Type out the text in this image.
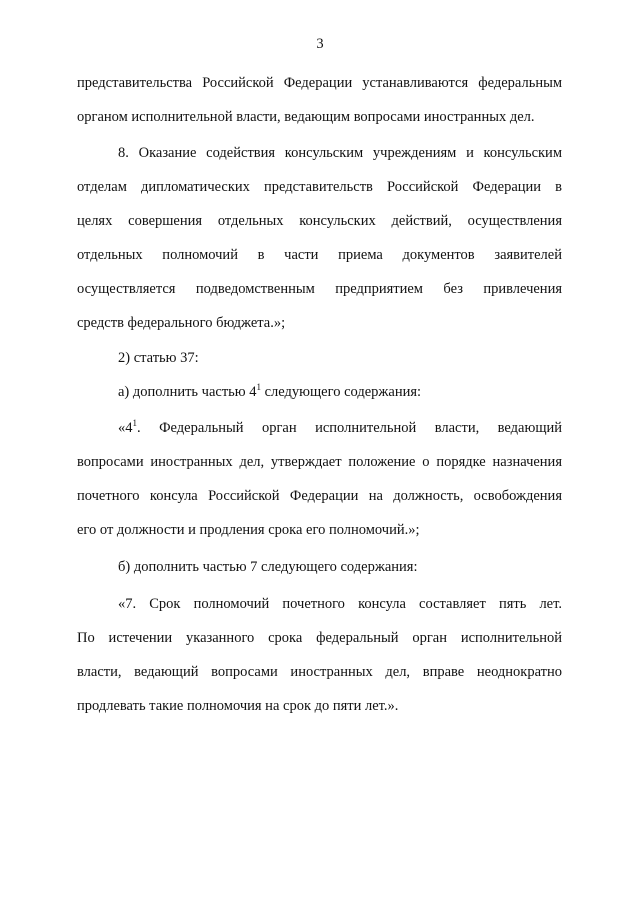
3
представительства Российской Федерации устанавливаются федеральным
органом исполнительной власти, ведающим вопросами иностранных дел.
8. Оказание содействия консульским учреждениям и консульским
отделам дипломатических представительств Российской Федерации в
целях совершения отдельных консульских действий, осуществления
отдельных полномочий в части приема документов заявителей
осуществляется подведомственным предприятием без привлечения
средств федерального бюджета.»;
2) статью 37:
а) дополнить частью $4^1$ следующего содержания:
«$4^1$. Федеральный орган исполнительной власти, ведающий
вопросами иностранных дел, утверждает положение о порядке назначения
почетного консула Российской Федерации на должность, освобождения
его от должности и продления срока его полномочий.»;
б) дополнить частью 7 следующего содержания:
«7. Срок полномочий почетного консула составляет пять лет.
По истечении указанного срока федеральный орган исполнительной
власти, ведающий вопросами иностранных дел, вправе неоднократно
продлевать такие полномочия на срок до пяти лет.».
